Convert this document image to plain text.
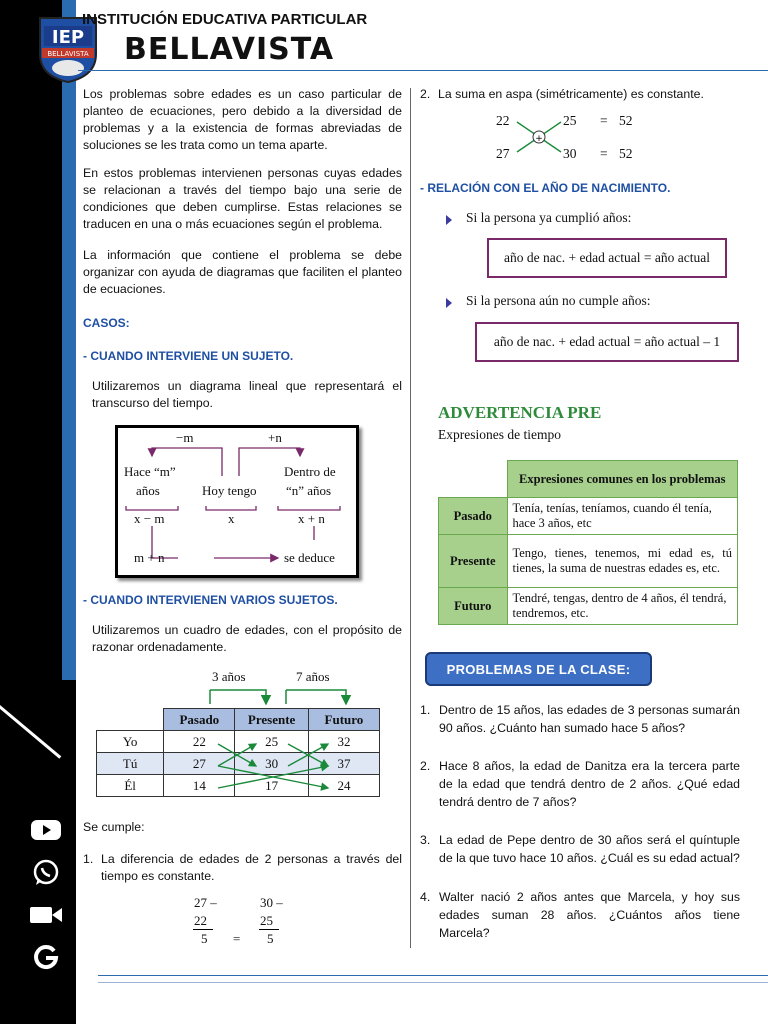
IEP
BELLAVISTA
INSTITUCIÓN EDUCATIVA PARTICULAR
BELLAVISTA
Los problemas sobre edades es un caso particular de planteo de ecuaciones, pero debido a la diversidad de problemas y a la existencia de formas abreviadas de soluciones se les trata como un tema aparte.
En estos problemas intervienen personas cuyas edades se relacionan a través del tiempo bajo una serie de condiciones que deben cumplirse. Estas relaciones se traducen en una o más ecuaciones según el problema.
La información que contiene el problema se debe organizar con ayuda de diagramas que faciliten el planteo de ecuaciones.
CASOS:
- CUANDO INTERVIENE UN SUJETO.
Utilizaremos un diagrama lineal que representará el transcurso del tiempo.
−m	+n
Hace “m”
años	Hoy tengo
Dentro de
“n” años
x − m	x	x + n
m + n	se deduce
- CUANDO INTERVIENEN VARIOS SUJETOS.
Utilizaremos un cuadro de edades, con el propósito de razonar ordenadamente.
3 años	7 años
	Pasado	Presente	Futuro
Yo	22	25	32
Tú	27	30	37
Él	14	17	24
Se cumple:
1. La diferencia de edades de 2 personas a través del tiempo es constante.
27 –
22
5 =
30 –
25
5
2. La suma en aspa (simétricamente) es constante.
22	25
27	30
= 52
= 52
+
- RELACIÓN CON EL AÑO DE NACIMIENTO.
Si la persona ya cumplió años:
año de nac. + edad actual = año actual
Si la persona aún no cumple años:
año de nac. + edad actual = año actual – 1
ADVERTENCIA PRE
Expresiones de tiempo
	Expresiones comunes en los problemas
Pasado	Tenía, tenías, teníamos, cuando él tenía, hace 3 años, etc
Presente	Tengo, tienes, tenemos, mi edad es, tú tienes, la suma de nuestras edades es, etc.
Futuro	Tendré, tengas, dentro de 4 años, él tendrá, tendremos, etc.
PROBLEMAS DE LA CLASE:
1. Dentro de 15 años, las edades de 3 personas sumarán 90 años. ¿Cuánto han sumado hace 5 años?
2. Hace 8 años, la edad de Danitza era la tercera parte de la edad que tendrá dentro de 2 años. ¿Qué edad tendrá dentro de 7 años?
3. La edad de Pepe dentro de 30 años será el quíntuple de la que tuvo hace 10 años. ¿Cuál es su edad actual?
4. Walter nació 2 años antes que Marcela, y hoy sus edades suman 28 años. ¿Cuántos años tiene Marcela?
